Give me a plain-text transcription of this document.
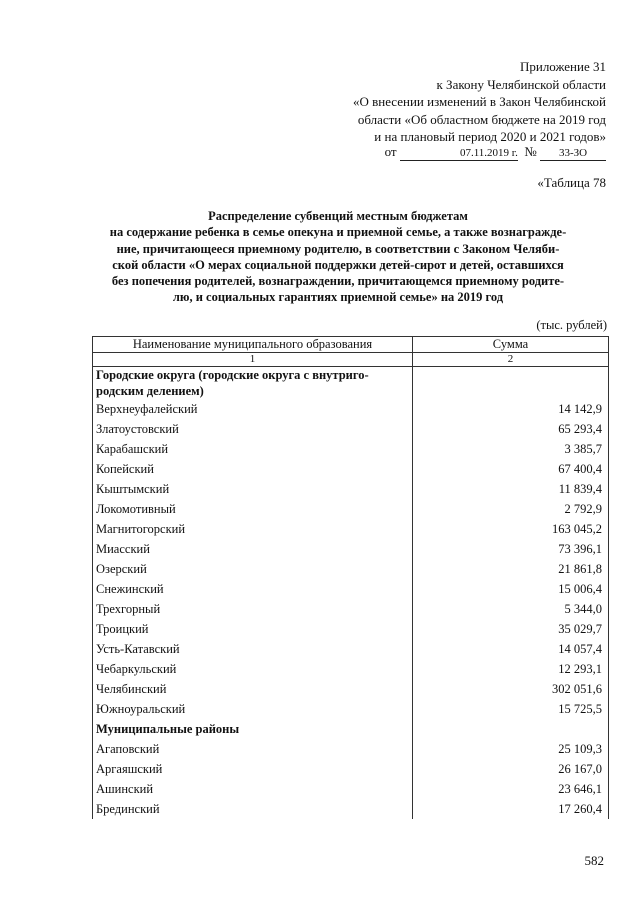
Приложение 31
к Закону Челябинской области
«О внесении изменений в Закон Челябинской
области «Об областном бюджете на 2019 год
и на плановый период 2020 и 2021 годов»
от	07.11.2019 г. № 33-ЗО
«Таблица 78
Распределение субвенций местным бюджетам
на содержание ребенка в семье опекуна и приемной семье, а также вознагражде-
ние, причитающееся приемному родителю, в соответствии с Законом Челяби-
ской области «О мерах социальной поддержки детей-сирот и детей, оставшихся
без попечения родителей, вознаграждении, причитающемся приемному родите-
лю, и социальных гарантиях приемной семье» на 2019 год
(тыс. рублей)
Наименование муниципального образования	Сумма
1	2

Городские округа (городские округа с внутриго-
родским делением)	

Верхнеуфалейский	14 142,9
Златоустовский	65 293,4
Карабашский	3 385,7
Копейский	67 400,4
Кыштымский	11 839,4
Локомотивный	2 792,9
Магнитогорский	163 045,2
Миасский	73 396,1
Озерский	21 861,8
Снежинский	15 006,4
Трехгорный	5 344,0
Троицкий	35 029,7
Усть-Катавский	14 057,4
Чебаркульский	12 293,1
Челябинский	302 051,6
Южноуральский	15 725,5
Муниципальные районы	
Агаповский	25 109,3
Аргаяшский	26 167,0
Ашинский	23 646,1
Брединский	17 260,4
582
